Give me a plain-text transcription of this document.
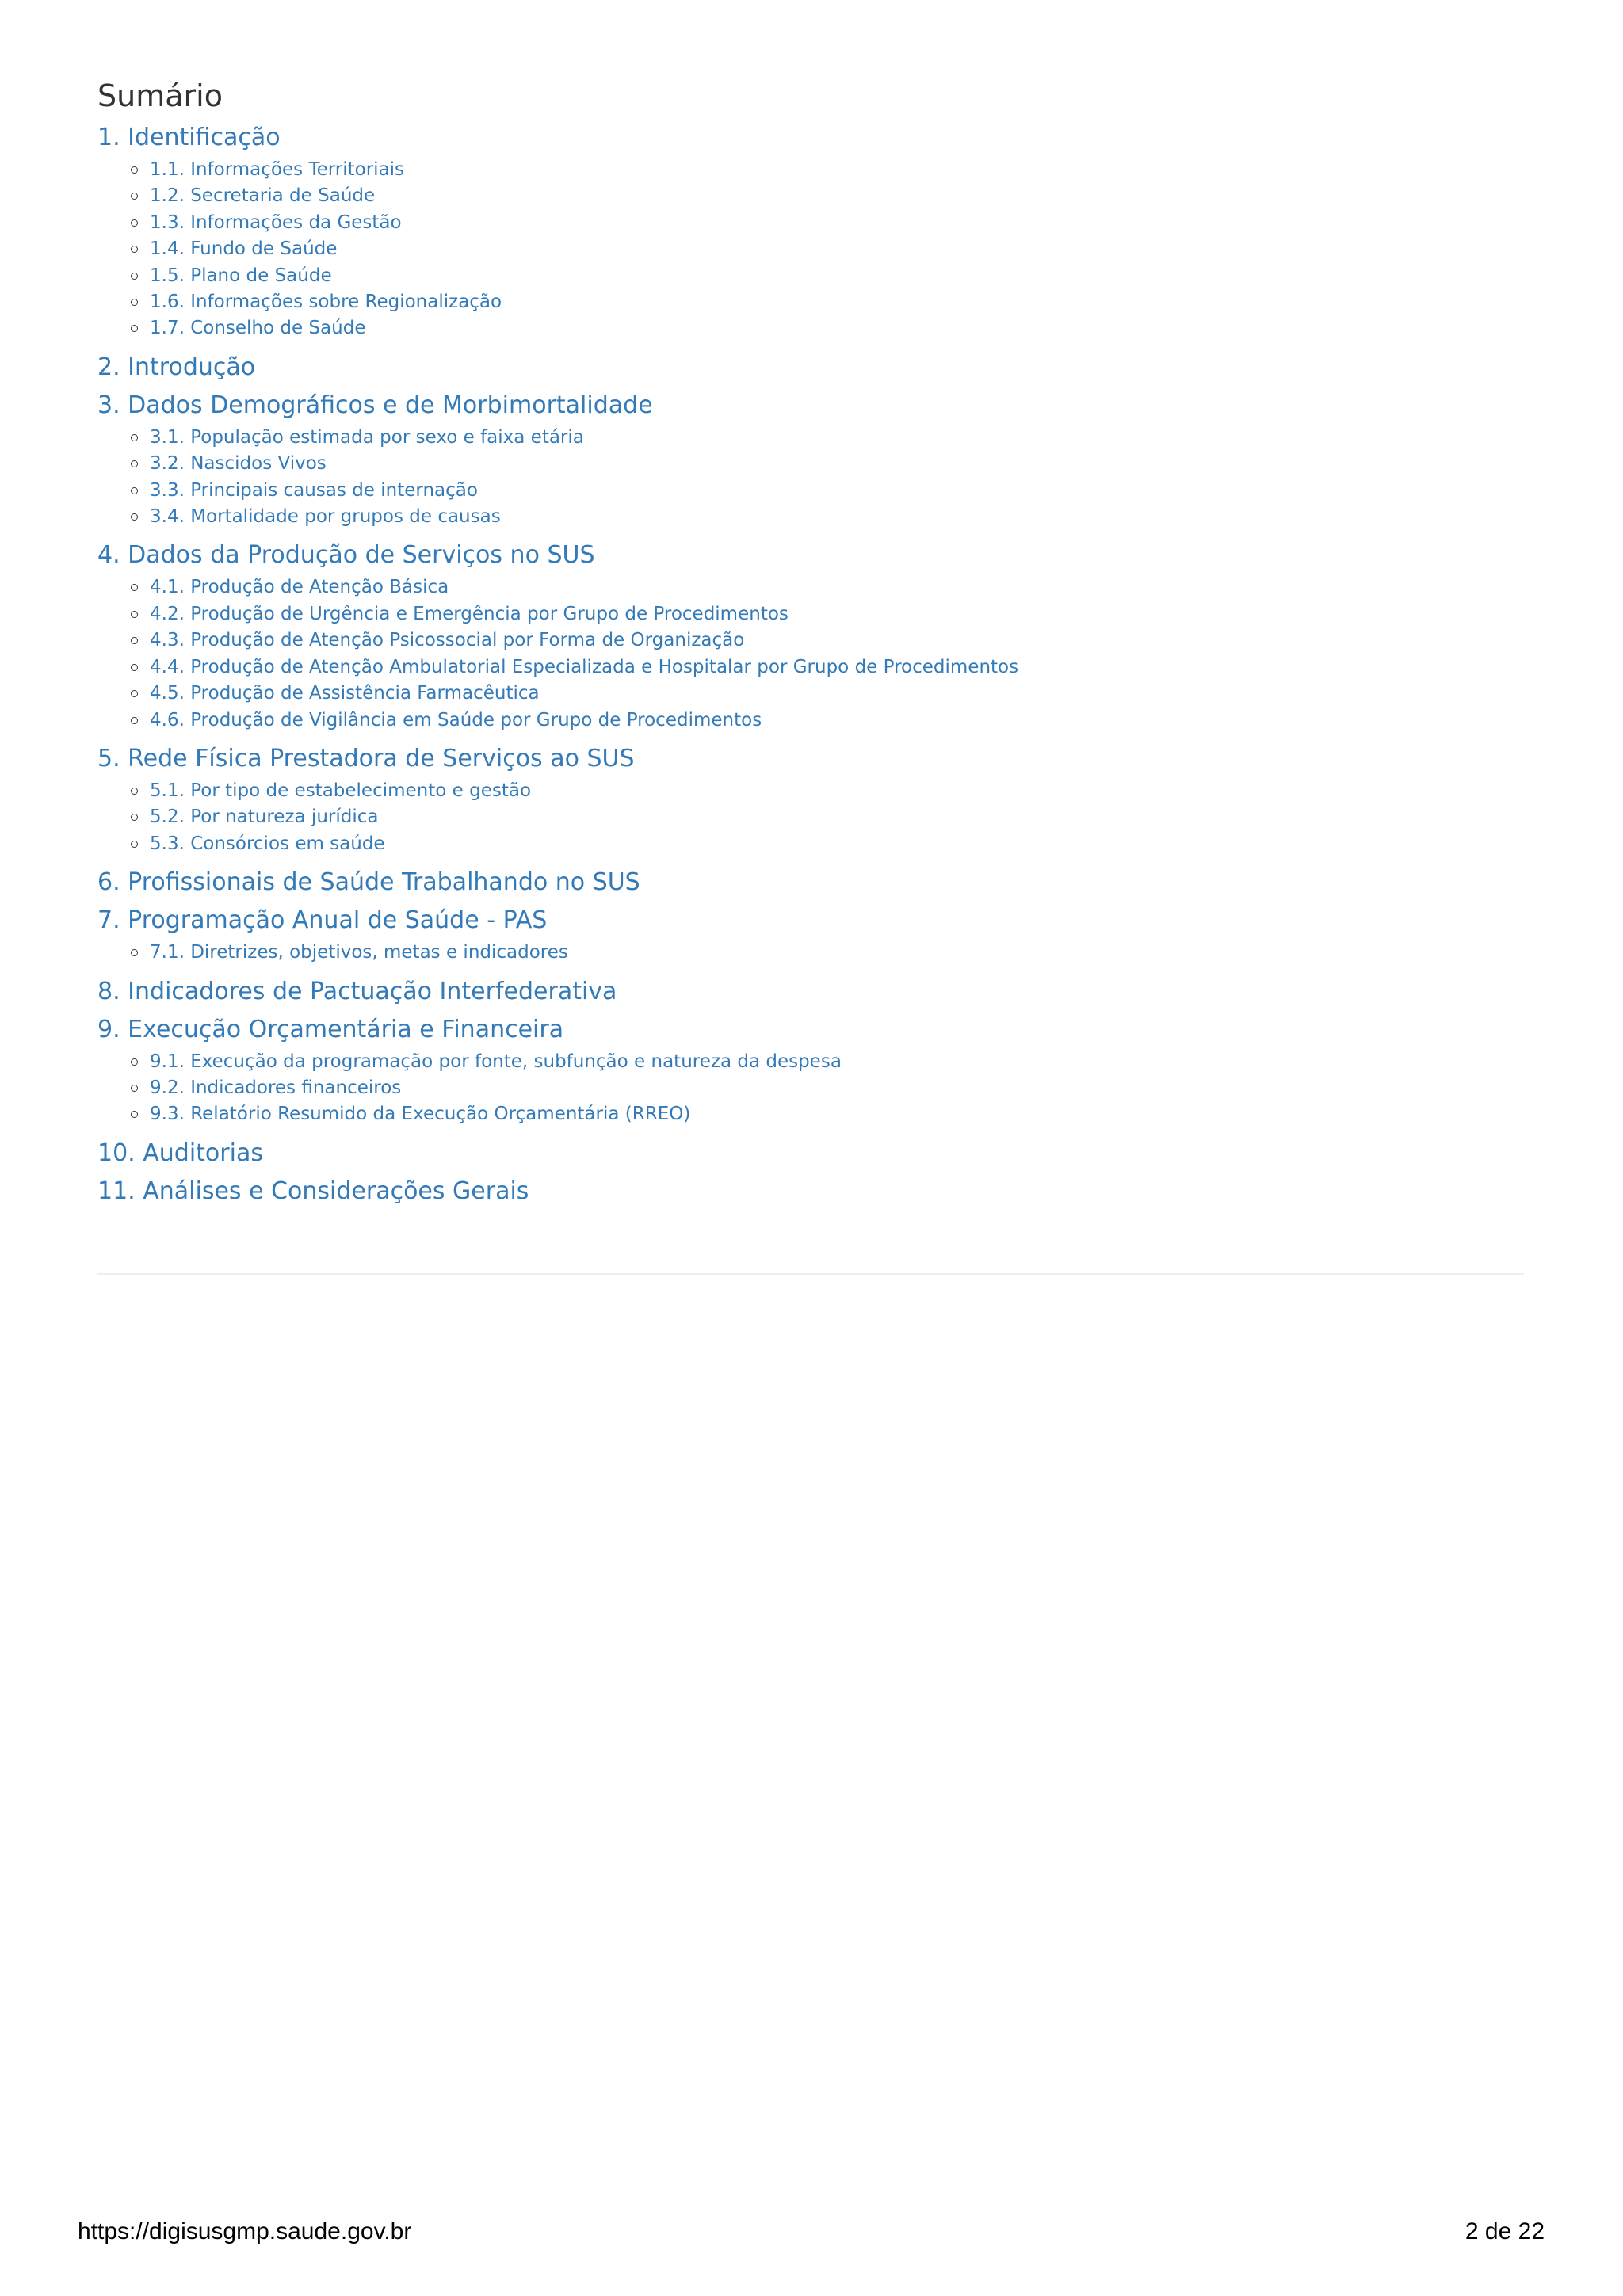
Sumário
1. Identificação
1.1. Informações Territoriais
1.2. Secretaria de Saúde
1.3. Informações da Gestão
1.4. Fundo de Saúde
1.5. Plano de Saúde
1.6. Informações sobre Regionalização
1.7. Conselho de Saúde
2. Introdução
3. Dados Demográficos e de Morbimortalidade
3.1. População estimada por sexo e faixa etária
3.2. Nascidos Vivos
3.3. Principais causas de internação
3.4. Mortalidade por grupos de causas
4. Dados da Produção de Serviços no SUS
4.1. Produção de Atenção Básica
4.2. Produção de Urgência e Emergência por Grupo de Procedimentos
4.3. Produção de Atenção Psicossocial por Forma de Organização
4.4. Produção de Atenção Ambulatorial Especializada e Hospitalar por Grupo de Procedimentos
4.5. Produção de Assistência Farmacêutica
4.6. Produção de Vigilância em Saúde por Grupo de Procedimentos
5. Rede Física Prestadora de Serviços ao SUS
5.1. Por tipo de estabelecimento e gestão
5.2. Por natureza jurídica
5.3. Consórcios em saúde
6. Profissionais de Saúde Trabalhando no SUS
7. Programação Anual de Saúde - PAS
7.1. Diretrizes, objetivos, metas e indicadores
8. Indicadores de Pactuação Interfederativa
9. Execução Orçamentária e Financeira
9.1. Execução da programação por fonte, subfunção e natureza da despesa
9.2. Indicadores financeiros
9.3. Relatório Resumido da Execução Orçamentária (RREO)
10. Auditorias
11. Análises e Considerações Gerais
https://digisusgmp.saude.gov.br	2 de 22
